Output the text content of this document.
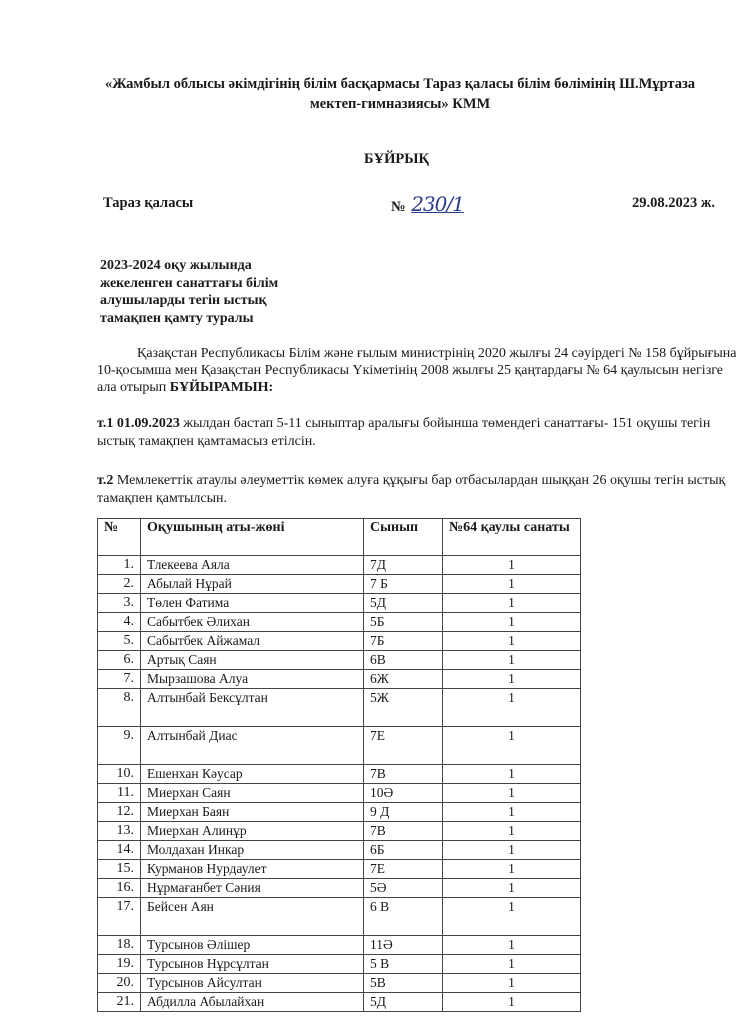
«Жамбыл облысы әкімдігінің білім басқармасы Тараз қаласы білім бөлімінің Ш.Мұртаза мектеп-гимназиясы» КММ
БҰЙРЫҚ
Тараз қаласы	№ 230/1	29.08.2023 ж.
2023-2024 оқу жылында жекеленген санаттағы білім алушыларды тегін ыстық тамақпен қамту туралы
Қазақстан Республикасы Білім және ғылым министрінің 2020 жылғы 24 сәуірдегі № 158 бұйрығына 10-қосымша мен Қазақстан Республикасы Үкіметінің 2008 жылғы 25 қаңтардағы № 64 қаулысын негізге ала отырып БҰЙЫРАМЫН:
т.1 01.09.2023 жылдан бастап 5-11 сыныптар аралығы бойынша төмендегі санаттағы- 151 оқушы тегін ыстық тамақпен қамтамасыз етілсін.
т.2 Мемлекеттік атаулы әлеуметтік көмек алуға құқығы бар отбасылардан шыққан 26 оқушы тегін ыстық тамақпен қамтылсын.
№	Оқушының аты-жөні	Сынып	№64 қаулы санаты
1.	Тлекеева Аяла	7Д	1
2.	Абылай Нұрай	7 Б	1
3.	Төлен Фатима	5Д	1
4.	Сабытбек Әлихан	5Б	1
5.	Сабытбек Айжамал	7Б	1
6.	Артық Саян	6В	1
7.	Мырзашова Алуа	6Ж	1
8.	Алтынбай Бексұлтан	5Ж	1
9.	Алтынбай Диас	7Е	1
10.	Ешенхан Кәусар	7В	1
11.	Миерхан Саян	10Ә	1
12.	Миерхан Баян	9 Д	1
13.	Миерхан Алинұр	7В	1
14.	Молдахан Инкар	6Б	1
15.	Курманов Нурдаулет	7Е	1
16.	Нұрмағанбет Сәния	5Ә	1
17.	Бейсен Аян	6 В	1
18.	Турсынов Әлішер	11Ә	1
19.	Турсынов Нұрсұлтан	5 В	1
20.	Турсынов Айсултан	5В	1
21.	Абдилла Абылайхан	5Д	1
